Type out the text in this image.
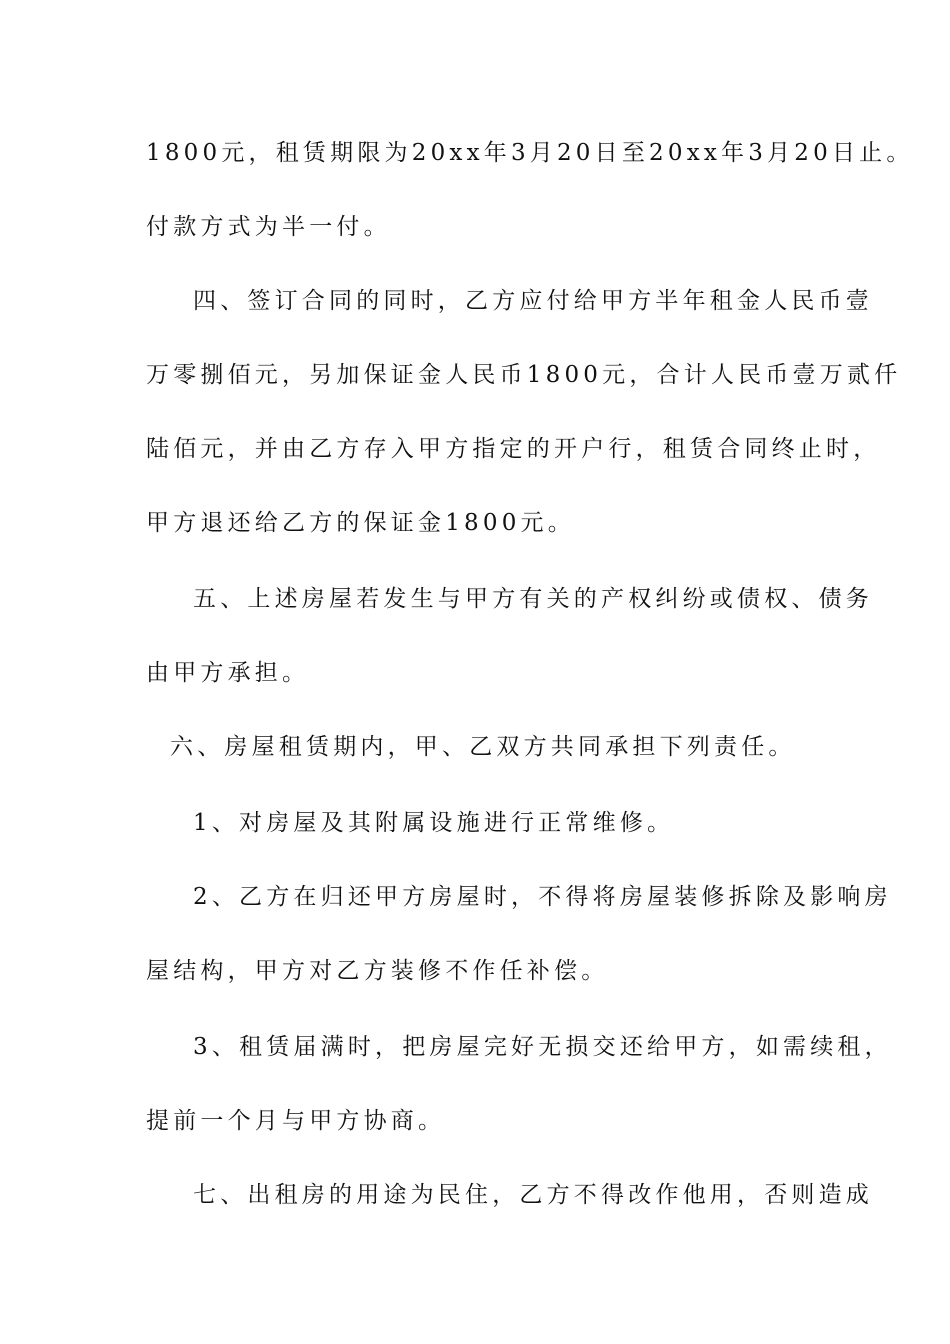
1800元，租赁期限为20xx年3月20日至20xx年3月20日止。
付款方式为半一付。
四、签订合同的同时，乙方应付给甲方半年租金人民币壹
万零捌佰元，另加保证金人民币1800元，合计人民币壹万贰仟
陆佰元，并由乙方存入甲方指定的开户行，租赁合同终止时，
甲方退还给乙方的保证金1800元。
五、上述房屋若发生与甲方有关的产权纠纷或债权、债务
由甲方承担。
六、房屋租赁期内，甲、乙双方共同承担下列责任。
1、对房屋及其附属设施进行正常维修。
2、乙方在归还甲方房屋时，不得将房屋装修拆除及影响房
屋结构，甲方对乙方装修不作任补偿。
3、租赁届满时，把房屋完好无损交还给甲方，如需续租，
提前一个月与甲方协商。
七、出租房的用途为民住，乙方不得改作他用，否则造成
